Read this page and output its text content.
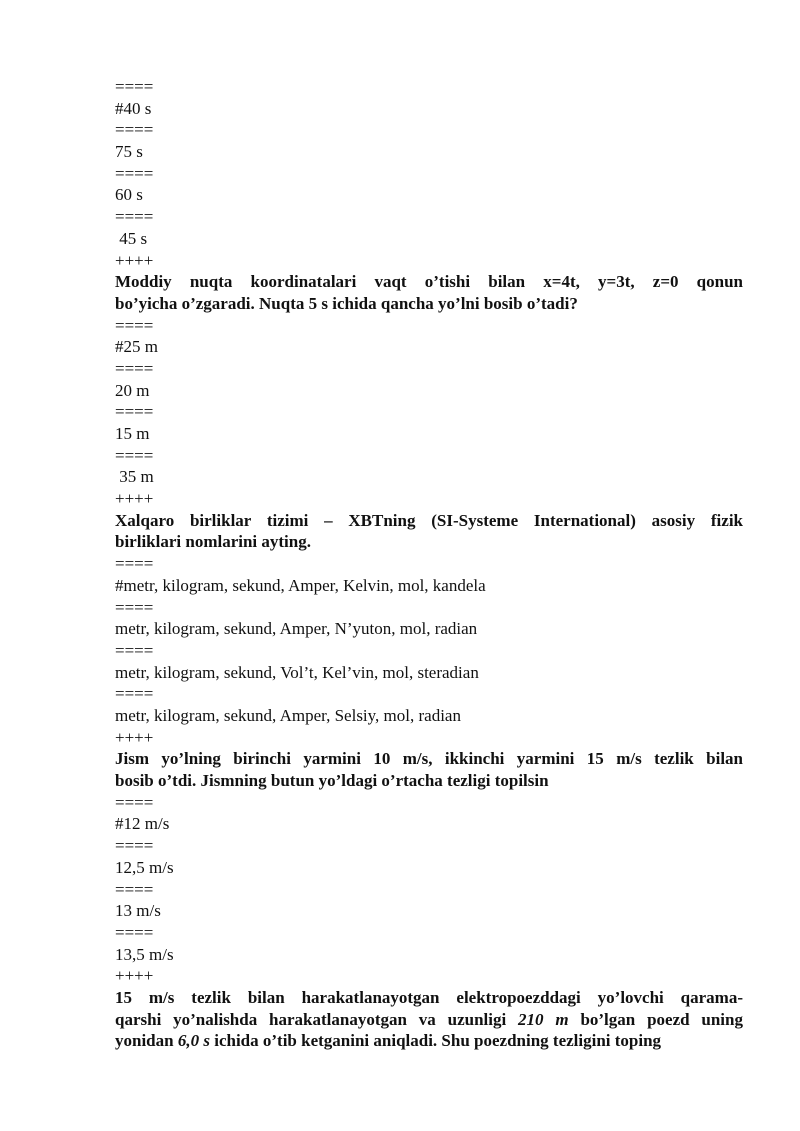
====
#40 s
====
75 s
====
60 s
====
45 s
++++
Moddiy nuqta koordinatalari vaqt o’tishi bilan x=4t, y=3t, z=0 qonun
bo’yicha o’zgaradi. Nuqta 5 s ichida qancha yo’lni bosib o’tadi?
====
#25 m
====
20 m
====
15 m
====
35 m
++++
Xalqaro birliklar tizimi – XBTning (SI-Systeme International) asosiy fizik
birliklari nomlarini ayting.
====
#metr, kilogram, sekund, Amper, Kelvin, mol, kandela
====
metr, kilogram, sekund, Amper, N’yuton, mol, radian
====
metr, kilogram, sekund, Vol’t, Kel’vin, mol, steradian
====
metr, kilogram, sekund, Amper, Selsiy, mol, radian
++++
Jism yo’lning birinchi yarmini 10 m/s, ikkinchi yarmini 15 m/s tezlik bilan
bosib o’tdi. Jismning butun yo’ldagi o’rtacha tezligi topilsin
====
#12 m/s
====
12,5 m/s
====
13 m/s
====
13,5 m/s
++++
15 m/s tezlik bilan harakatlanayotgan elektropoezddagi yo’lovchi qarama-
qarshi yo’nalishda harakatlanayotgan va uzunligi 210 m bo’lgan poezd uning
yonidan 6,0 s ichida o’tib ketganini aniqladi. Shu poezdning tezligini toping
